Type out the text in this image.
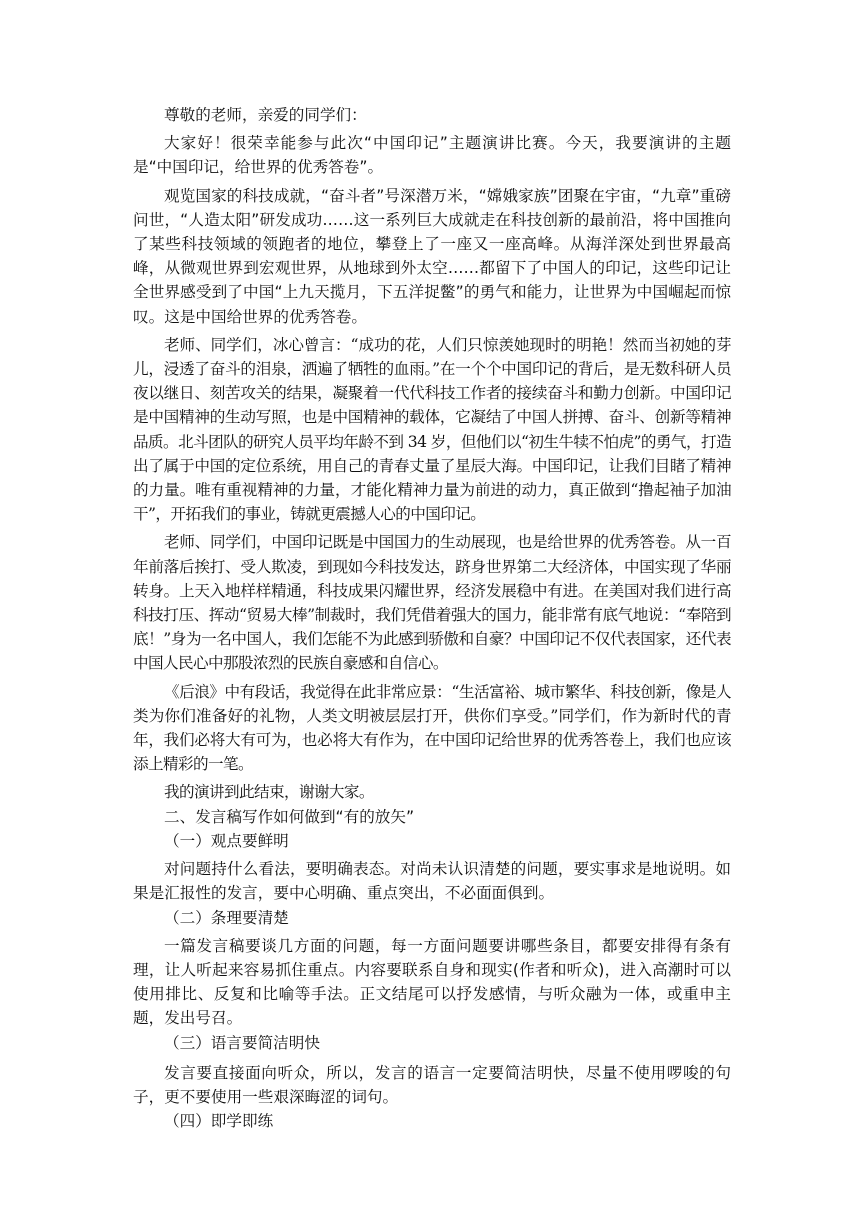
尊敬的老师，亲爱的同学们：

大家好！很荣幸能参与此次“中国印记”主题演讲比赛。今天，我要演讲的主题是“中国印记，给世界的优秀答卷”。

观览国家的科技成就，“奋斗者”号深潜万米，“嫦娥家族”团聚在宇宙，“九章”重磅问世，“人造太阳”研发成功……这一系列巨大成就走在科技创新的最前沿，将中国推向了某些科技领域的领跑者的地位，攀登上了一座又一座高峰。从海洋深处到世界最高峰，从微观世界到宏观世界，从地球到外太空……都留下了中国人的印记，这些印记让全世界感受到了中国“上九天揽月，下五洋捉鳖”的勇气和能力，让世界为中国崛起而惊叹。这是中国给世界的优秀答卷。

老师、同学们，冰心曾言：“成功的花，人们只惊羡她现时的明艳！然而当初她的芽儿，浸透了奋斗的泪泉，洒遍了牺牲的血雨。”在一个个中国印记的背后，是无数科研人员夜以继日、刻苦攻关的结果，凝聚着一代代科技工作者的接续奋斗和勤力创新。中国印记是中国精神的生动写照，也是中国精神的载体，它凝结了中国人拼搏、奋斗、创新等精神品质。北斗团队的研究人员平均年龄不到 34 岁，但他们以“初生牛犊不怕虎”的勇气，打造出了属于中国的定位系统，用自己的青春丈量了星辰大海。中国印记，让我们目睹了精神的力量。唯有重视精神的力量，才能化精神力量为前进的动力，真正做到“撸起袖子加油干”，开拓我们的事业，铸就更震撼人心的中国印记。

老师、同学们，中国印记既是中国国力的生动展现，也是给世界的优秀答卷。从一百年前落后挨打、受人欺凌，到现如今科技发达，跻身世界第二大经济体，中国实现了华丽转身。上天入地样样精通，科技成果闪耀世界，经济发展稳中有进。在美国对我们进行高科技打压、挥动“贸易大棒”制裁时，我们凭借着强大的国力，能非常有底气地说：“奉陪到底！”身为一名中国人，我们怎能不为此感到骄傲和自豪？中国印记不仅代表国家，还代表中国人民心中那股浓烈的民族自豪感和自信心。

《后浪》中有段话，我觉得在此非常应景：“生活富裕、城市繁华、科技创新，像是人类为你们准备好的礼物，人类文明被层层打开，供你们享受。”同学们，作为新时代的青年，我们必将大有可为，也必将大有作为，在中国印记给世界的优秀答卷上，我们也应该添上精彩的一笔。

我的演讲到此结束，谢谢大家。

二、发言稿写作如何做到“有的放矢”

（一）观点要鲜明

对问题持什么看法，要明确表态。对尚未认识清楚的问题，要实事求是地说明。如果是汇报性的发言，要中心明确、重点突出，不必面面俱到。

（二）条理要清楚

一篇发言稿要谈几方面的问题，每一方面问题要讲哪些条目，都要安排得有条有理，让人听起来容易抓住重点。内容要联系自身和现实(作者和听众)，进入高潮时可以使用排比、反复和比喻等手法。正文结尾可以抒发感情，与听众融为一体，或重申主题，发出号召。

（三）语言要简洁明快

发言要直接面向听众，所以，发言的语言一定要简洁明快，尽量不使用啰唆的句子，更不要使用一些艰深晦涩的词句。

（四）即学即练
